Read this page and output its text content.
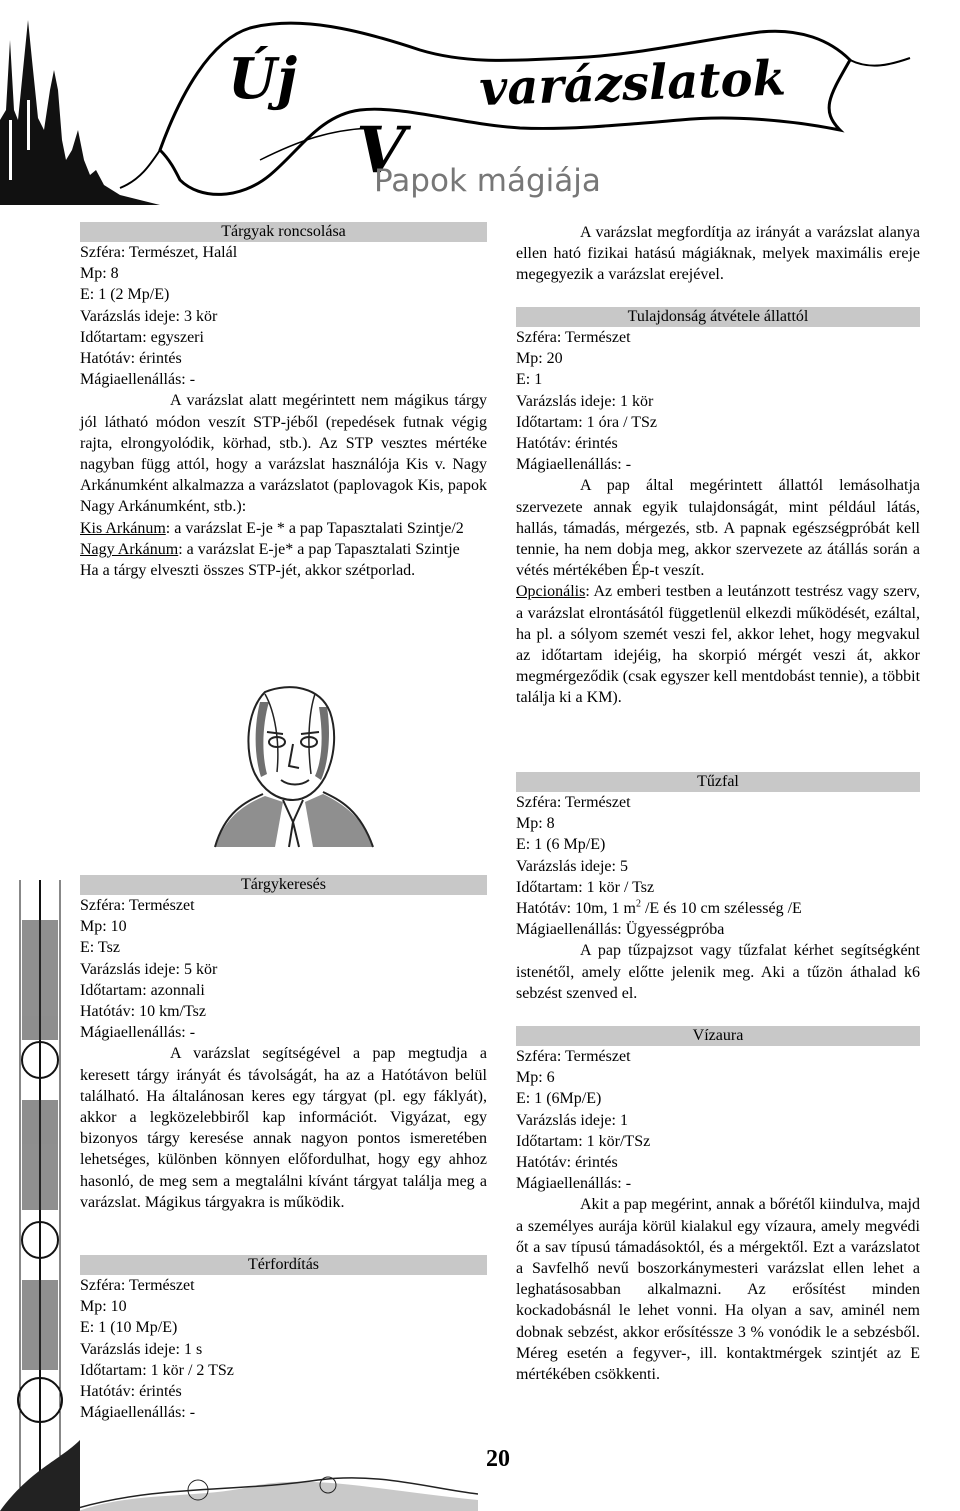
Új	varázslatok
V
Papok mágiája
Tárgyak roncsolása
Szféra: Természet, Halál
Mp: 8
E: 1 (2 Mp/E)
Varázslás ideje: 3 kör
Időtartam: egyszeri
Hatótáv: érintés
Mágiaellenállás: -

A varázslat alatt megérintett nem mágikus tárgy jól látható módon veszít STP-jéből (repedések futnak végig rajta, elrongyolódik, körhad, stb.). Az STP vesztes mértéke nagyban függ attól, hogy a varázslat használója Kis v. Nagy Arkánumként alkalmazza a varázslatot (paplovagok Kis, papok Nagy Arkánumként, stb.):

Kis Arkánum: a varázslat E-je * a pap Tapasztalati Szintje/2

Nagy Arkánum: a varázslat E-je* a pap Tapasztalati Szintje

Ha a tárgy elveszti összes STP-jét, akkor szétporlad.

Tárgykeresés
Szféra: Természet
Mp: 10
E: Tsz
Varázslás ideje: 5 kör
Időtartam: azonnali
Hatótáv: 10 km/Tsz
Mágiaellenállás: -

A varázslat segítségével a pap megtudja a keresett tárgy irányát és távolságát, ha az a Hatótávon belül található. Ha általánosan keres egy tárgyat (pl. egy fáklyát), akkor a legközelebbiről kap információt. Vigyázat, egy bizonyos tárgy keresése annak nagyon pontos ismeretében lehetséges, különben könnyen előfordulhat, hogy egy ahhoz hasonló, de meg sem a megtalálni kívánt tárgyat találja meg a varázslat. Mágikus tárgyakra is működik.

Térfordítás
Szféra: Természet
Mp: 10
E: 1 (10 Mp/E)
Varázslás ideje: 1 s
Időtartam: 1 kör / 2 TSz
Hatótáv: érintés
Mágiaellenállás: -

A varázslat megfordítja az irányát a varázslat alanya ellen ható fizikai hatású mágiáknak, melyek maximális ereje megegyezik a varázslat erejével.

Tulajdonság átvétele állattól
Szféra: Természet
Mp: 20
E: 1
Varázslás ideje: 1 kör
Időtartam: 1 óra / TSz
Hatótáv: érintés
Mágiaellenállás: -

A pap által megérintett állattól lemásolhatja szervezete annak egyik tulajdonságát, mint például látás, hallás, támadás, mérgezés, stb. A papnak egészségpróbát kell tennie, ha nem dobja meg, akkor szervezete az átállás során a vétés mértékében Ép-t veszít.

Opcionális: Az emberi testben a leutánzott testrész vagy szerv, a varázslat elrontásától függetlenül elkezdi működését, ezáltal, ha pl. a sólyom szemét veszi fel, akkor lehet, hogy megvakul az időtartam idejéig, ha skorpió mérgét veszi át, akkor megmérgeződik (csak egyszer kell mentdobást tennie), a többit találja ki a KM).

Tűzfal
Szféra: Természet
Mp: 8
E: 1 (6 Mp/E)
Varázslás ideje: 5
Időtartam: 1 kör / Tsz
Hatótáv: 10m, 1 $m^2$ /E és 10 cm szélesség /E
Mágiaellenállás: Ügyességpróba

A pap tűzpajzsot vagy tűzfalat kérhet segítségként istenétől, amely előtte jelenik meg. Aki a tűzön áthalad k6 sebzést szenved el.

Vízaura
Szféra: Természet
Mp: 6
E: 1 (6Mp/E)
Varázslás ideje: 1
Időtartam: 1 kör/TSz
Hatótáv: érintés
Mágiaellenállás: -

Akit a pap megérint, annak a bőrétől kiindulva, majd a személyes aurája körül kialakul egy vízaura, amely megvédi őt a sav típusú támadásoktól, és a mérgektől. Ezt a varázslatot a Savfelhő nevű boszorkánymesteri varázslat ellen lehet a leghatásosabban alkalmazni. Az erősítést minden kockadobásnál le lehet vonni. Ha olyan a sav, aminél nem dobnak sebzést, akkor erősítéssze 3 % vonódik le a sebzésből. Méreg esetén a fegyver-, ill. kontaktmérgek szintjét az E mértékében csökkenti.

20
